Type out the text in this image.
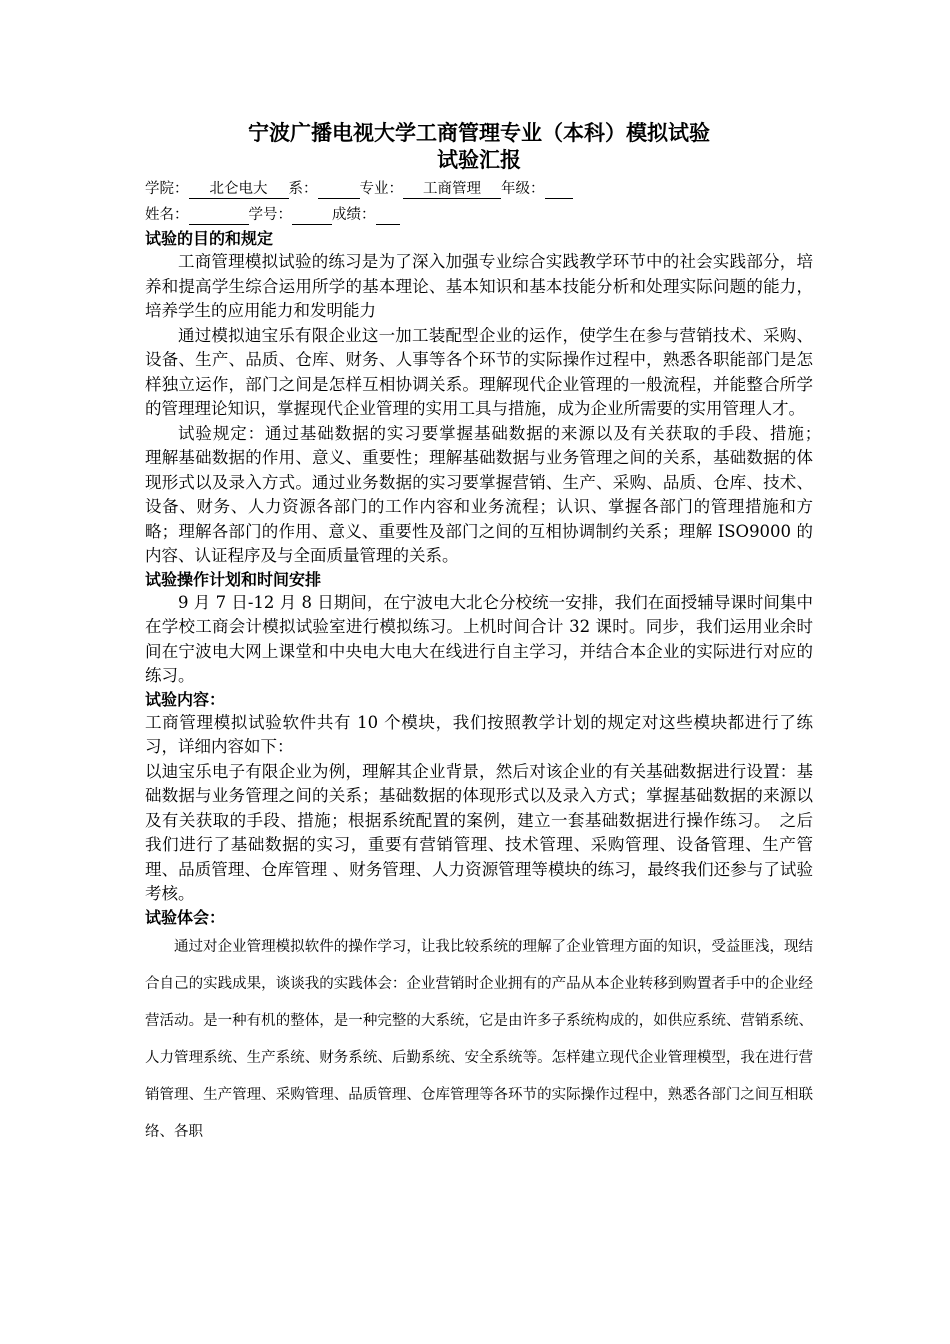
宁波广播电视大学工商管理专业（本科）模拟试验
试验汇报
学院： 北仑电大 系：	专业： 工商管理 年级：
姓名：	学号：	成绩：
试验的目的和规定

工商管理模拟试验的练习是为了深入加强专业综合实践教学环节中的社会实践部分，培养和提高学生综合运用所学的基本理论、基本知识和基本技能分析和处理实际问题的能力，培养学生的应用能力和发明能力

通过模拟迪宝乐有限企业这一加工装配型企业的运作，使学生在参与营销技术、采购、设备、生产、品质、仓库、财务、人事等各个环节的实际操作过程中，熟悉各职能部门是怎样独立运作，部门之间是怎样互相协调关系。理解现代企业管理的一般流程，并能整合所学的管理理论知识，掌握现代企业管理的实用工具与措施，成为企业所需要的实用管理人才。

试验规定：通过基础数据的实习要掌握基础数据的来源以及有关获取的手段、措施；　理解基础数据的作用、意义、重要性；理解基础数据与业务管理之间的关系，基础数据的体现形式以及录入方式。通过业务数据的实习要掌握营销、生产、采购、品质、仓库、技术、设备、财务、人力资源各部门的工作内容和业务流程；认识、掌握各部门的管理措施和方略；理解各部门的作用、意义、重要性及部门之间的互相协调制约关系；理解 ISO9000 的内容、认证程序及与全面质量管理的关系。

试验操作计划和时间安排

9 月 7 日-12 月 8 日期间，在宁波电大北仑分校统一安排，我们在面授辅导课时间集中在学校工商会计模拟试验室进行模拟练习。上机时间合计 32 课时。同步，我们运用业余时间在宁波电大网上课堂和中央电大电大在线进行自主学习，并结合本企业的实际进行对应的练习。

试验内容：

工商管理模拟试验软件共有 10 个模块，我们按照教学计划的规定对这些模块都进行了练习，详细内容如下：

以迪宝乐电子有限企业为例，理解其企业背景，然后对该企业的有关基础数据进行设置：基础数据与业务管理之间的关系；基础数据的体现形式以及录入方式；掌握基础数据的来源以及有关获取的手段、措施；根据系统配置的案例，建立一套基础数据进行操作练习。　之后我们进行了基础数据的实习，重要有营销管理、技术管理、采购管理、设备管理、生产管理、品质管理、仓库管理 、财务管理、人力资源管理等模块的练习，最终我们还参与了试验考核。

试验体会：

通过对企业管理模拟软件的操作学习，让我比较系统的理解了企业管理方面的知识，受益匪浅，现结合自己的实践成果，谈谈我的实践体会：企业营销时企业拥有的产品从本企业转移到购置者手中的企业经营活动。是一种有机的整体，是一种完整的大系统，它是由许多子系统构成的，如供应系统、营销系统、人力管理系统、生产系统、财务系统、后勤系统、安全系统等。怎样建立现代企业管理模型，我在进行营销管理、生产管理、采购管理、品质管理、仓库管理等各环节的实际操作过程中，熟悉各部门之间互相联络、各职
